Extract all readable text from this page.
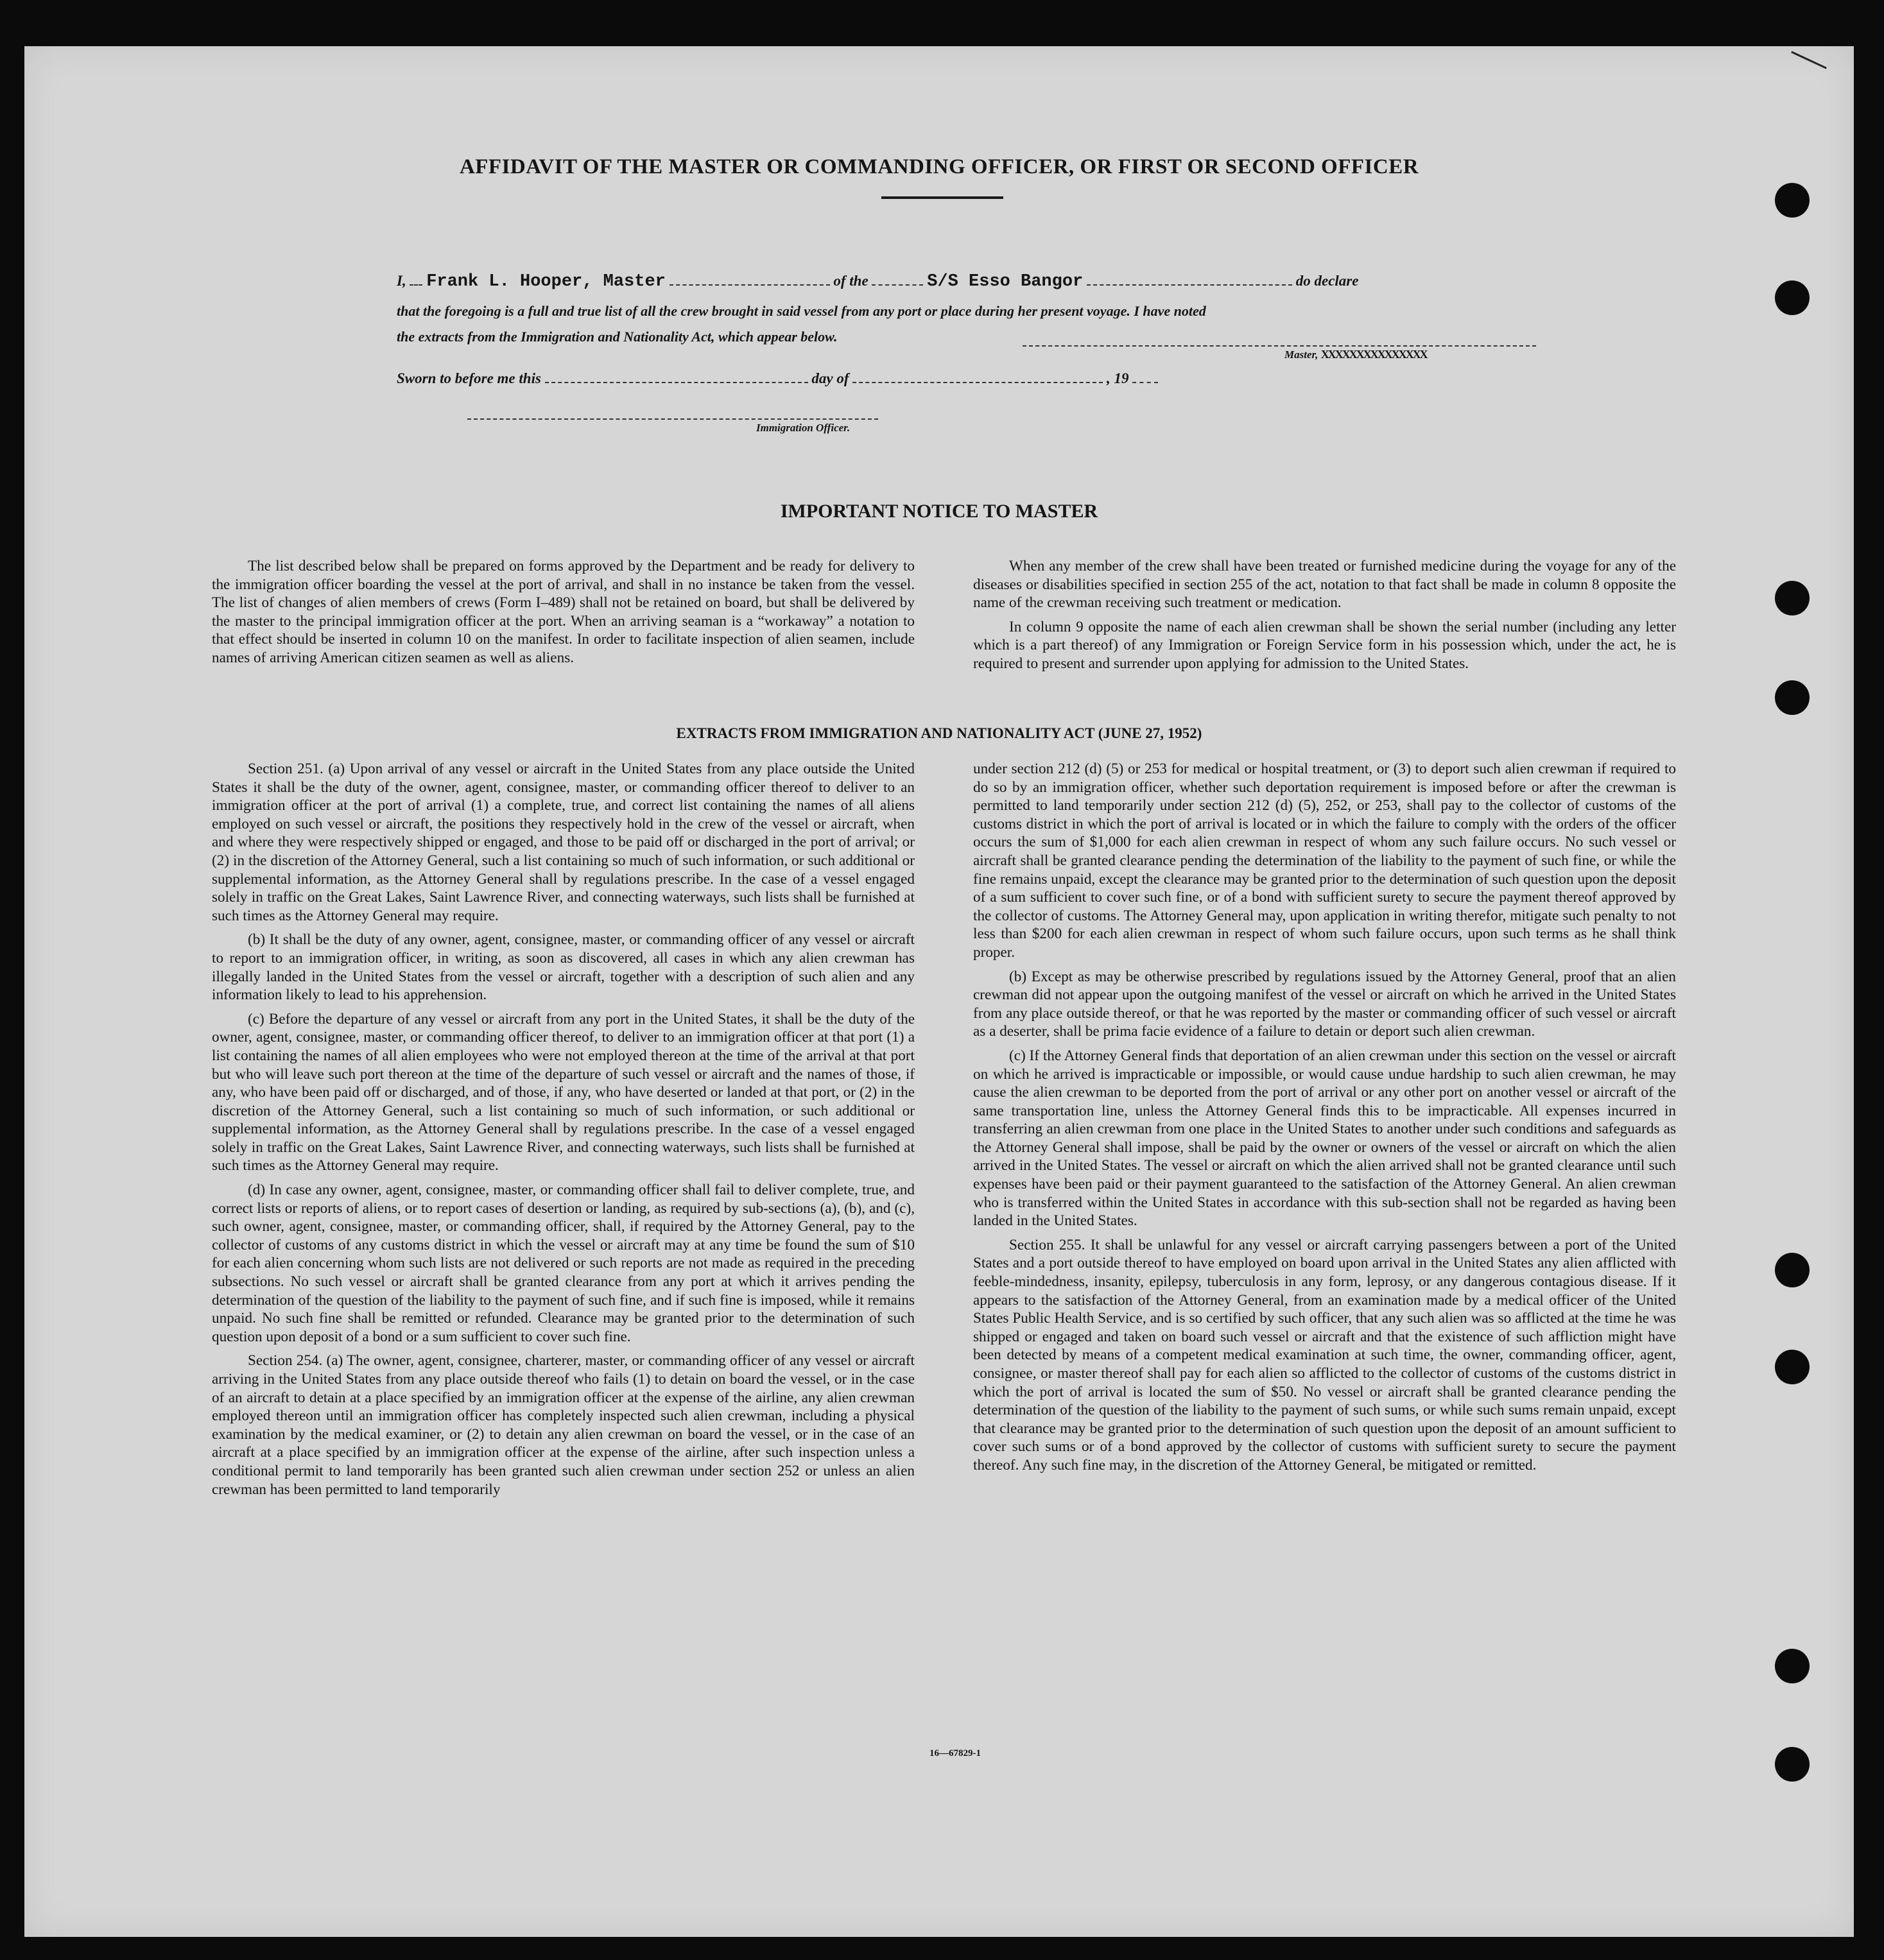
AFFIDAVIT OF THE MASTER OR COMMANDING OFFICER, OR FIRST OR SECOND OFFICER
I, Frank L. Hooper, Master	of the	S/S Esso Bangor	do declare
that the foregoing is a full and true list of all the crew brought in said vessel from any port or place during her present voyage. I have noted
the extracts from the Immigration and Nationality Act, which appear below.
Master, XXXXXXXXXXXXXXX
Sworn to before me this	day of	, 19
Immigration Officer.
IMPORTANT NOTICE TO MASTER

The list described below shall be prepared on forms approved by the Department and be ready for delivery to the immigration officer boarding the vessel at the port of arrival, and shall in no instance be taken from the vessel. The list of changes of alien members of crews (Form I–489) shall not be retained on board, but shall be delivered by the master to the principal immigration officer at the port. When an arriving seaman is a “workaway” a notation to that effect should be inserted in column 10 on the manifest. In order to facilitate inspection of alien seamen, include names of arriving American citizen seamen as well as aliens.

When any member of the crew shall have been treated or furnished medicine during the voyage for any of the diseases or disabilities specified in section 255 of the act, notation to that fact shall be made in column 8 opposite the name of the crewman receiving such treatment or medication.

In column 9 opposite the name of each alien crewman shall be shown the serial number (including any letter which is a part thereof) of any Immigration or Foreign Service form in his possession which, under the act, he is required to present and surrender upon applying for admission to the United States.

EXTRACTS FROM IMMIGRATION AND NATIONALITY ACT (JUNE 27, 1952)

Section 251. (a) Upon arrival of any vessel or aircraft in the United States from any place outside the United States it shall be the duty of the owner, agent, consignee, master, or commanding officer thereof to deliver to an immigration officer at the port of arrival (1) a complete, true, and correct list containing the names of all aliens employed on such vessel or aircraft, the positions they respectively hold in the crew of the vessel or aircraft, when and where they were respectively shipped or engaged, and those to be paid off or discharged in the port of arrival; or (2) in the discretion of the Attorney General, such a list containing so much of such information, or such additional or supplemental information, as the Attorney General shall by regulations prescribe. In the case of a vessel engaged solely in traffic on the Great Lakes, Saint Lawrence River, and connecting waterways, such lists shall be furnished at such times as the Attorney General may require.

(b) It shall be the duty of any owner, agent, consignee, master, or commanding officer of any vessel or aircraft to report to an immigration officer, in writing, as soon as discovered, all cases in which any alien crewman has illegally landed in the United States from the vessel or aircraft, together with a description of such alien and any information likely to lead to his apprehension.

(c) Before the departure of any vessel or aircraft from any port in the United States, it shall be the duty of the owner, agent, consignee, master, or commanding officer thereof, to deliver to an immigration officer at that port (1) a list containing the names of all alien employees who were not employed thereon at the time of the arrival at that port but who will leave such port thereon at the time of the departure of such vessel or aircraft and the names of those, if any, who have been paid off or discharged, and of those, if any, who have deserted or landed at that port, or (2) in the discretion of the Attorney General, such a list containing so much of such information, or such additional or supplemental information, as the Attorney General shall by regulations prescribe. In the case of a vessel engaged solely in traffic on the Great Lakes, Saint Lawrence River, and connecting waterways, such lists shall be furnished at such times as the Attorney General may require.

(d) In case any owner, agent, consignee, master, or commanding officer shall fail to deliver complete, true, and correct lists or reports of aliens, or to report cases of desertion or landing, as required by sub-sections (a), (b), and (c), such owner, agent, consignee, master, or commanding officer, shall, if required by the Attorney General, pay to the collector of customs of any customs district in which the vessel or aircraft may at any time be found the sum of $10 for each alien concerning whom such lists are not delivered or such reports are not made as required in the preceding subsections. No such vessel or aircraft shall be granted clearance from any port at which it arrives pending the determination of the question of the liability to the payment of such fine, and if such fine is imposed, while it remains unpaid. No such fine shall be remitted or refunded. Clearance may be granted prior to the determination of such question upon deposit of a bond or a sum sufficient to cover such fine.

Section 254. (a) The owner, agent, consignee, charterer, master, or commanding officer of any vessel or aircraft arriving in the United States from any place outside thereof who fails (1) to detain on board the vessel, or in the case of an aircraft to detain at a place specified by an immigration officer at the expense of the airline, any alien crewman employed thereon until an immigration officer has completely inspected such alien crewman, including a physical examination by the medical examiner, or (2) to detain any alien crewman on board the vessel, or in the case of an aircraft at a place specified by an immigration officer at the expense of the airline, after such inspection unless a conditional permit to land temporarily has been granted such alien crewman under section 252 or unless an alien crewman has been permitted to land temporarily

under section 212 (d) (5) or 253 for medical or hospital treatment, or (3) to deport such alien crewman if required to do so by an immigration officer, whether such deportation requirement is imposed before or after the crewman is permitted to land temporarily under section 212 (d) (5), 252, or 253, shall pay to the collector of customs of the customs district in which the port of arrival is located or in which the failure to comply with the orders of the officer occurs the sum of $1,000 for each alien crewman in respect of whom any such failure occurs. No such vessel or aircraft shall be granted clearance pending the determination of the liability to the payment of such fine, or while the fine remains unpaid, except the clearance may be granted prior to the determination of such question upon the deposit of a sum sufficient to cover such fine, or of a bond with sufficient surety to secure the payment thereof approved by the collector of customs. The Attorney General may, upon application in writing therefor, mitigate such penalty to not less than $200 for each alien crewman in respect of whom such failure occurs, upon such terms as he shall think proper.

(b) Except as may be otherwise prescribed by regulations issued by the Attorney General, proof that an alien crewman did not appear upon the outgoing manifest of the vessel or aircraft on which he arrived in the United States from any place outside thereof, or that he was reported by the master or commanding officer of such vessel or aircraft as a deserter, shall be prima facie evidence of a failure to detain or deport such alien crewman.

(c) If the Attorney General finds that deportation of an alien crewman under this section on the vessel or aircraft on which he arrived is impracticable or impossible, or would cause undue hardship to such alien crewman, he may cause the alien crewman to be deported from the port of arrival or any other port on another vessel or aircraft of the same transportation line, unless the Attorney General finds this to be impracticable. All expenses incurred in transferring an alien crewman from one place in the United States to another under such conditions and safeguards as the Attorney General shall impose, shall be paid by the owner or owners of the vessel or aircraft on which the alien arrived in the United States. The vessel or aircraft on which the alien arrived shall not be granted clearance until such expenses have been paid or their payment guaranteed to the satisfaction of the Attorney General. An alien crewman who is transferred within the United States in accordance with this sub-section shall not be regarded as having been landed in the United States.

Section 255. It shall be unlawful for any vessel or aircraft carrying passengers between a port of the United States and a port outside thereof to have employed on board upon arrival in the United States any alien afflicted with feeble-mindedness, insanity, epilepsy, tuberculosis in any form, leprosy, or any dangerous contagious disease. If it appears to the satisfaction of the Attorney General, from an examination made by a medical officer of the United States Public Health Service, and is so certified by such officer, that any such alien was so afflicted at the time he was shipped or engaged and taken on board such vessel or aircraft and that the existence of such affliction might have been detected by means of a competent medical examination at such time, the owner, commanding officer, agent, consignee, or master thereof shall pay for each alien so afflicted to the collector of customs of the customs district in which the port of arrival is located the sum of $50. No vessel or aircraft shall be granted clearance pending the determination of the question of the liability to the payment of such sums, or while such sums remain unpaid, except that clearance may be granted prior to the determination of such question upon the deposit of an amount sufficient to cover such sums or of a bond approved by the collector of customs with sufficient surety to secure the payment thereof. Any such fine may, in the discretion of the Attorney General, be mitigated or remitted.

16—67829-1
